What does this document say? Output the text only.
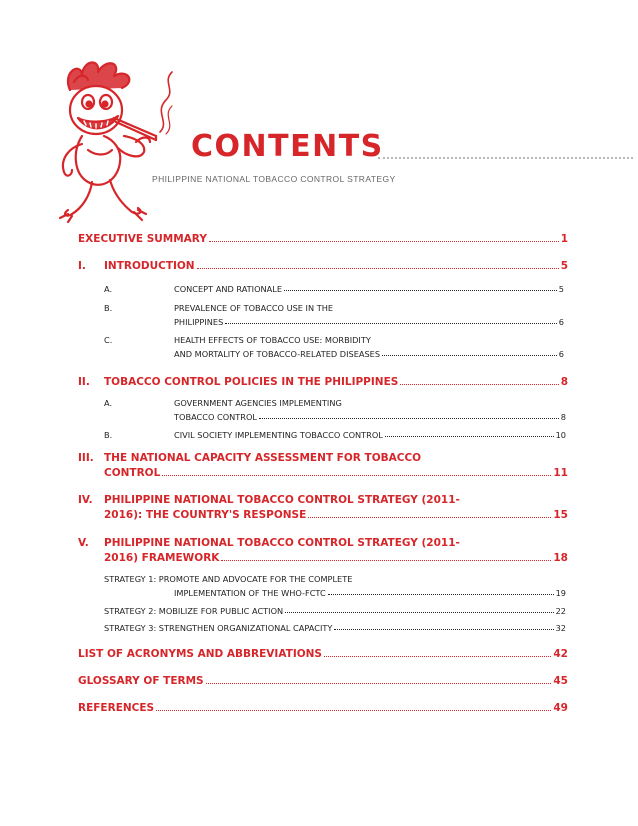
CONTENTS
PHILIPPINE NATIONAL TOBACCO CONTROL STRATEGY
EXECUTIVE SUMMARY	1
I.	INTRODUCTION	5
A.	CONCEPT AND RATIONALE	5
B.	PREVALENCE OF TOBACCO USE IN THE
PHILIPPINES	6
C.	HEALTH EFFECTS OF TOBACCO USE: MORBIDITY
AND MORTALITY OF TOBACCO-RELATED DISEASES	6
II.	TOBACCO CONTROL POLICIES IN THE PHILIPPINES	8
A.	GOVERNMENT AGENCIES IMPLEMENTING
TOBACCO CONTROL	8
B.	CIVIL SOCIETY IMPLEMENTING TOBACCO CONTROL	10
III. THE NATIONAL CAPACITY ASSESSMENT FOR TOBACCO
CONTROL	11
IV. PHILIPPINE NATIONAL TOBACCO CONTROL STRATEGY (2011-
2016): THE COUNTRY'S RESPONSE	15
V. PHILIPPINE NATIONAL TOBACCO CONTROL STRATEGY (2011-
2016) FRAMEWORK	18
STRATEGY 1: PROMOTE AND ADVOCATE FOR THE COMPLETE
IMPLEMENTATION OF THE WHO-FCTC	19
STRATEGY 2: MOBILIZE FOR PUBLIC ACTION	22
STRATEGY 3: STRENGTHEN ORGANIZATIONAL CAPACITY	32
LIST OF ACRONYMS AND ABBREVIATIONS	42
GLOSSARY OF TERMS	45
REFERENCES	49
